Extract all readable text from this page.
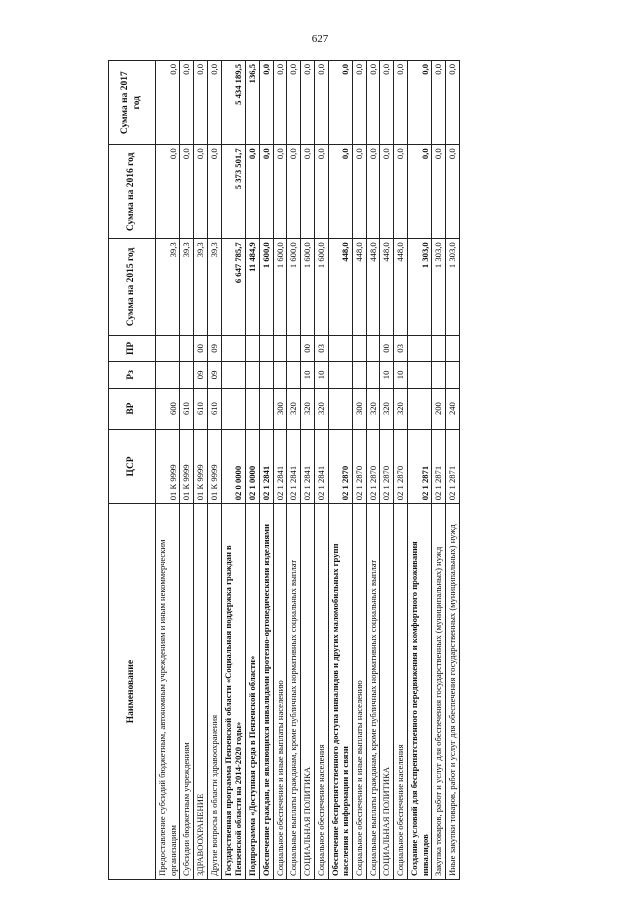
627
Наименование	ЦСР	ВР	Рз	ПР	Сумма на 2015 год	Сумма на 2016 год	Сумма на 2017 год
Предоставление субсидий бюджетным, автономным учреждениям и иным некоммерческим организациям	01 К 9999	600			39,3	0,0	0,0
Субсидии бюджетным учреждениям	01 К 9999	610			39,3	0,0	0,0
ЗДРАВООХРАНЕНИЕ	01 К 9999	610	09	00	39,3	0,0	0,0
Другие вопросы в области здравоохранения	01 К 9999	610	09	09	39,3	0,0	0,0
Государственная программа Пензенской области «Социальная поддержка граждан в Пензенской области на 2014-2020 годы»	02 0 0000				6 647 785,7	5 373 501,7	5 434 189,5
Подпрограмма «Доступная среда в Пензенской области»	02 1 0000				11 484,9	0,0	136,5
Обеспечение граждан, не являющихся инвалидами протезно-ортопедическими изделиями	02 1 2841				1 600,0	0,0	0,0
Социальное обеспечение и иные выплаты населению	02 1 2841	300			1 600,0	0,0	0,0
Социальные выплаты гражданам, кроме публичных нормативных социальных выплат	02 1 2841	320			1 600,0	0,0	0,0
СОЦИАЛЬНАЯ ПОЛИТИКА	02 1 2841	320	10	00	1 600,0	0,0	0,0
Социальное обеспечение населения	02 1 2841	320	10	03	1 600,0	0,0	0,0
Обеспечение беспрепятственного доступа инвалидов и других маломобильных групп населения к информации и связи	02 1 2870				448,0	0,0	0,0
Социальное обеспечение и иные выплаты населению	02 1 2870	300			448,0	0,0	0,0
Социальные выплаты гражданам, кроме публичных нормативных социальных выплат	02 1 2870	320			448,0	0,0	0,0
СОЦИАЛЬНАЯ ПОЛИТИКА	02 1 2870	320	10	00	448,0	0,0	0,0
Социальное обеспечение населения	02 1 2870	320	10	03	448,0	0,0	0,0
Создание условий для беспрепятственного передвижения и комфортного проживания инвалидов	02 1 2871				1 303,0	0,0	0,0
Закупка товаров, работ и услуг для обеспечения государственных (муниципальных) нужд	02 1 2871	200			1 303,0	0,0	0,0
Иные закупки товаров, работ и услуг для обеспечения государственных (муниципальных) нужд	02 1 2871	240			1 303,0	0,0	0,0
